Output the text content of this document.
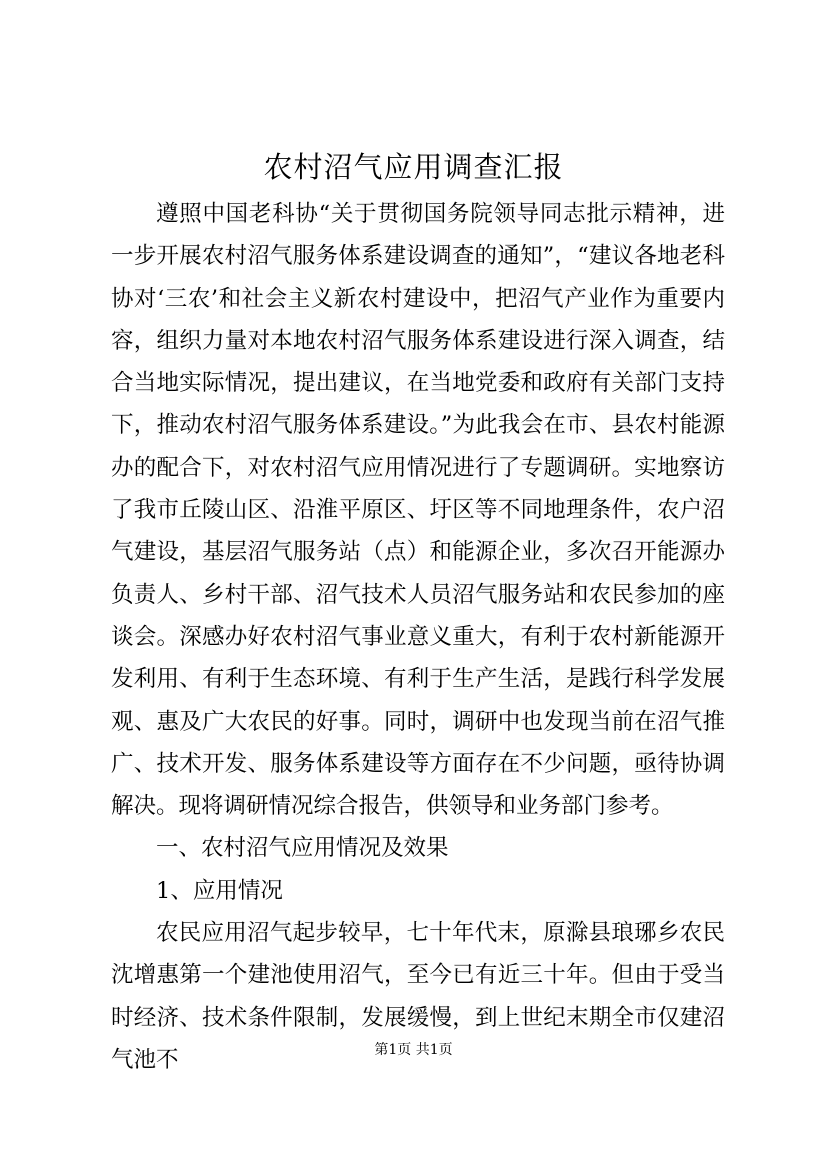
农村沼气应用调查汇报

遵照中国老科协“关于贯彻国务院领导同志批示精神，进一步开展农村沼气服务体系建设调查的通知”，“建议各地老科协对‘三农’和社会主义新农村建设中，把沼气产业作为重要内容，组织力量对本地农村沼气服务体系建设进行深入调查，结合当地实际情况，提出建议，在当地党委和政府有关部门支持下，推动农村沼气服务体系建设。”为此我会在市、县农村能源办的配合下，对农村沼气应用情况进行了专题调研。实地察访了我市丘陵山区、沿淮平原区、圩区等不同地理条件，农户沼气建设，基层沼气服务站（点）和能源企业，多次召开能源办负责人、乡村干部、沼气技术人员沼气服务站和农民参加的座谈会。深感办好农村沼气事业意义重大，有利于农村新能源开发利用、有利于生态环境、有利于生产生活，是践行科学发展观、惠及广大农民的好事。同时，调研中也发现当前在沼气推广、技术开发、服务体系建设等方面存在不少问题，亟待协调解决。现将调研情况综合报告，供领导和业务部门参考。

一、农村沼气应用情况及效果

1、应用情况

农民应用沼气起步较早，七十年代末，原滁县琅琊乡农民沈增惠第一个建池使用沼气，至今已有近三十年。但由于受当时经济、技术条件限制，发展缓慢，到上世纪末期全市仅建沼气池不	第1页 共1页
